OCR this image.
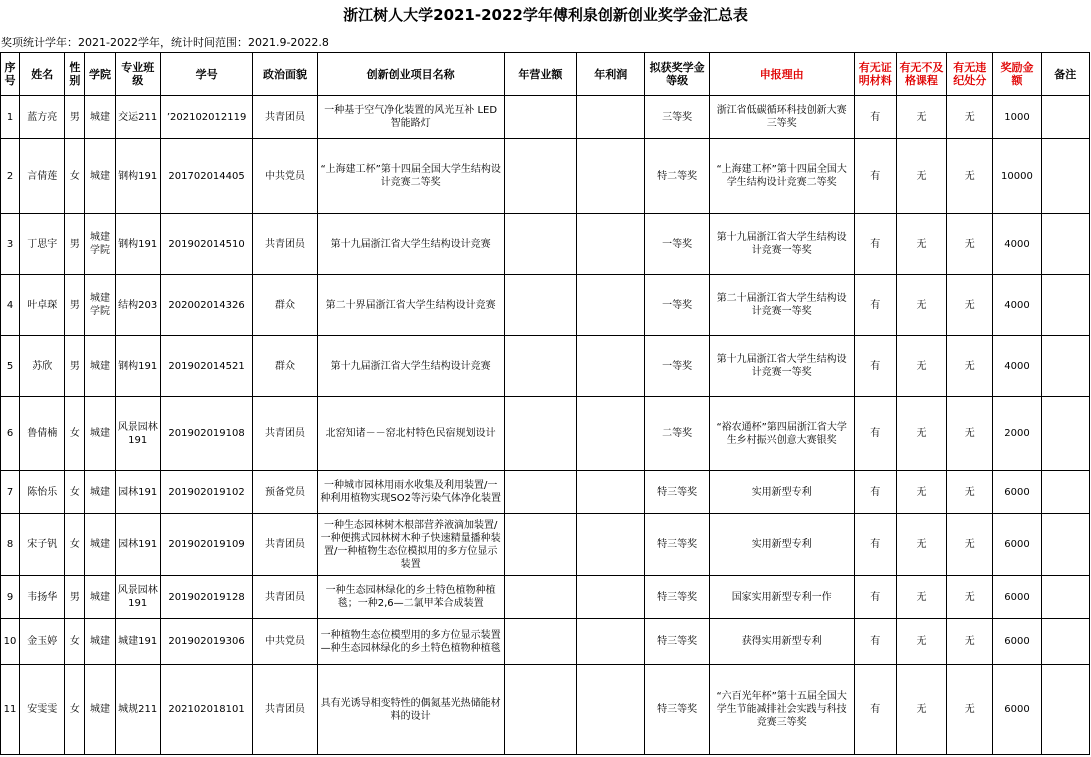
浙江树人大学2021-2022学年傅利泉创新创业奖学金汇总表
奖项统计学年：2021-2022学年，统计时间范围：2021.9-2022.8
序号	姓名	性别	学院	专业班级	学号	政治面貌	创新创业项目名称	年营业额	年利润	拟获奖学金等级	申报理由	有无证明材料	有无不及格课程	有无违纪处分	奖励金额	备注
1	蓝方亮	男	城建	交运211	’202102012119	共青团员	一种基于空气净化装置的风光互补 LED 智能路灯			三等奖	浙江省低碳循环科技创新大赛三等奖	有	无	无	1000	
2	言倩莲	女	城建	钢构191	201702014405	中共党员	“上海建工杯”第十四届全国大学生结构设计竞赛二等奖			特二等奖	“上海建工杯”第十四届全国大学生结构设计竞赛二等奖	有	无	无	10000	
3	丁思宇	男	城建学院	钢构191	201902014510	共青团员	第十九届浙江省大学生结构设计竞赛			一等奖	第十九届浙江省大学生结构设计竞赛一等奖	有	无	无	4000	
4	叶卓琛	男	城建学院	结构203	202002014326	群众	第二十界届浙江省大学生结构设计竞赛			一等奖	第二十届浙江省大学生结构设计竞赛一等奖	有	无	无	4000	
5	苏欣	男	城建	钢构191	201902014521	群众	第十九届浙江省大学生结构设计竞赛			一等奖	第十九届浙江省大学生结构设计竞赛一等奖	有	无	无	4000	
6	鲁倩楠	女	城建	风景园林191	201902019108	共青团员	北窑知诸－－窑北村特色民宿规划设计			二等奖	“裕农通杯”第四届浙江省大学生乡村振兴创意大赛银奖	有	无	无	2000	
7	陈怡乐	女	城建	园林191	201902019102	预备党员	一种城市园林用雨水收集及利用装置/一种利用植物实现SO2等污染气体净化装置			特三等奖	实用新型专利	有	无	无	6000	
8	宋子钒	女	城建	园林191	201902019109	共青团员	一种生态园林树木根部营养液滴加装置/一种便携式园林树木种子快速精量播种装置/一种植物生态位模拟用的多方位显示装置			特三等奖	实用新型专利	有	无	无	6000	
9	韦扬华	男	城建	风景园林191	201902019128	共青团员	一种生态园林绿化的乡土特色植物种植毯；一种2,6—二氯甲苯合成装置			特三等奖	国家实用新型专利一作	有	无	无	6000	
10	金玉婷	女	城建	城建191	201902019306	中共党员	一种植物生态位模型用的多方位显示装置—种生态园林绿化的乡土特色植物种植毯			特三等奖	获得实用新型专利	有	无	无	6000	
11	安雯雯	女	城建	城规211	202102018101	共青团员	具有光诱导相变特性的偶氮基光热储能材料的设计			特三等奖	“六百光年杯”第十五届全国大学生节能减排社会实践与科技竞赛三等奖	有	无	无	6000	
